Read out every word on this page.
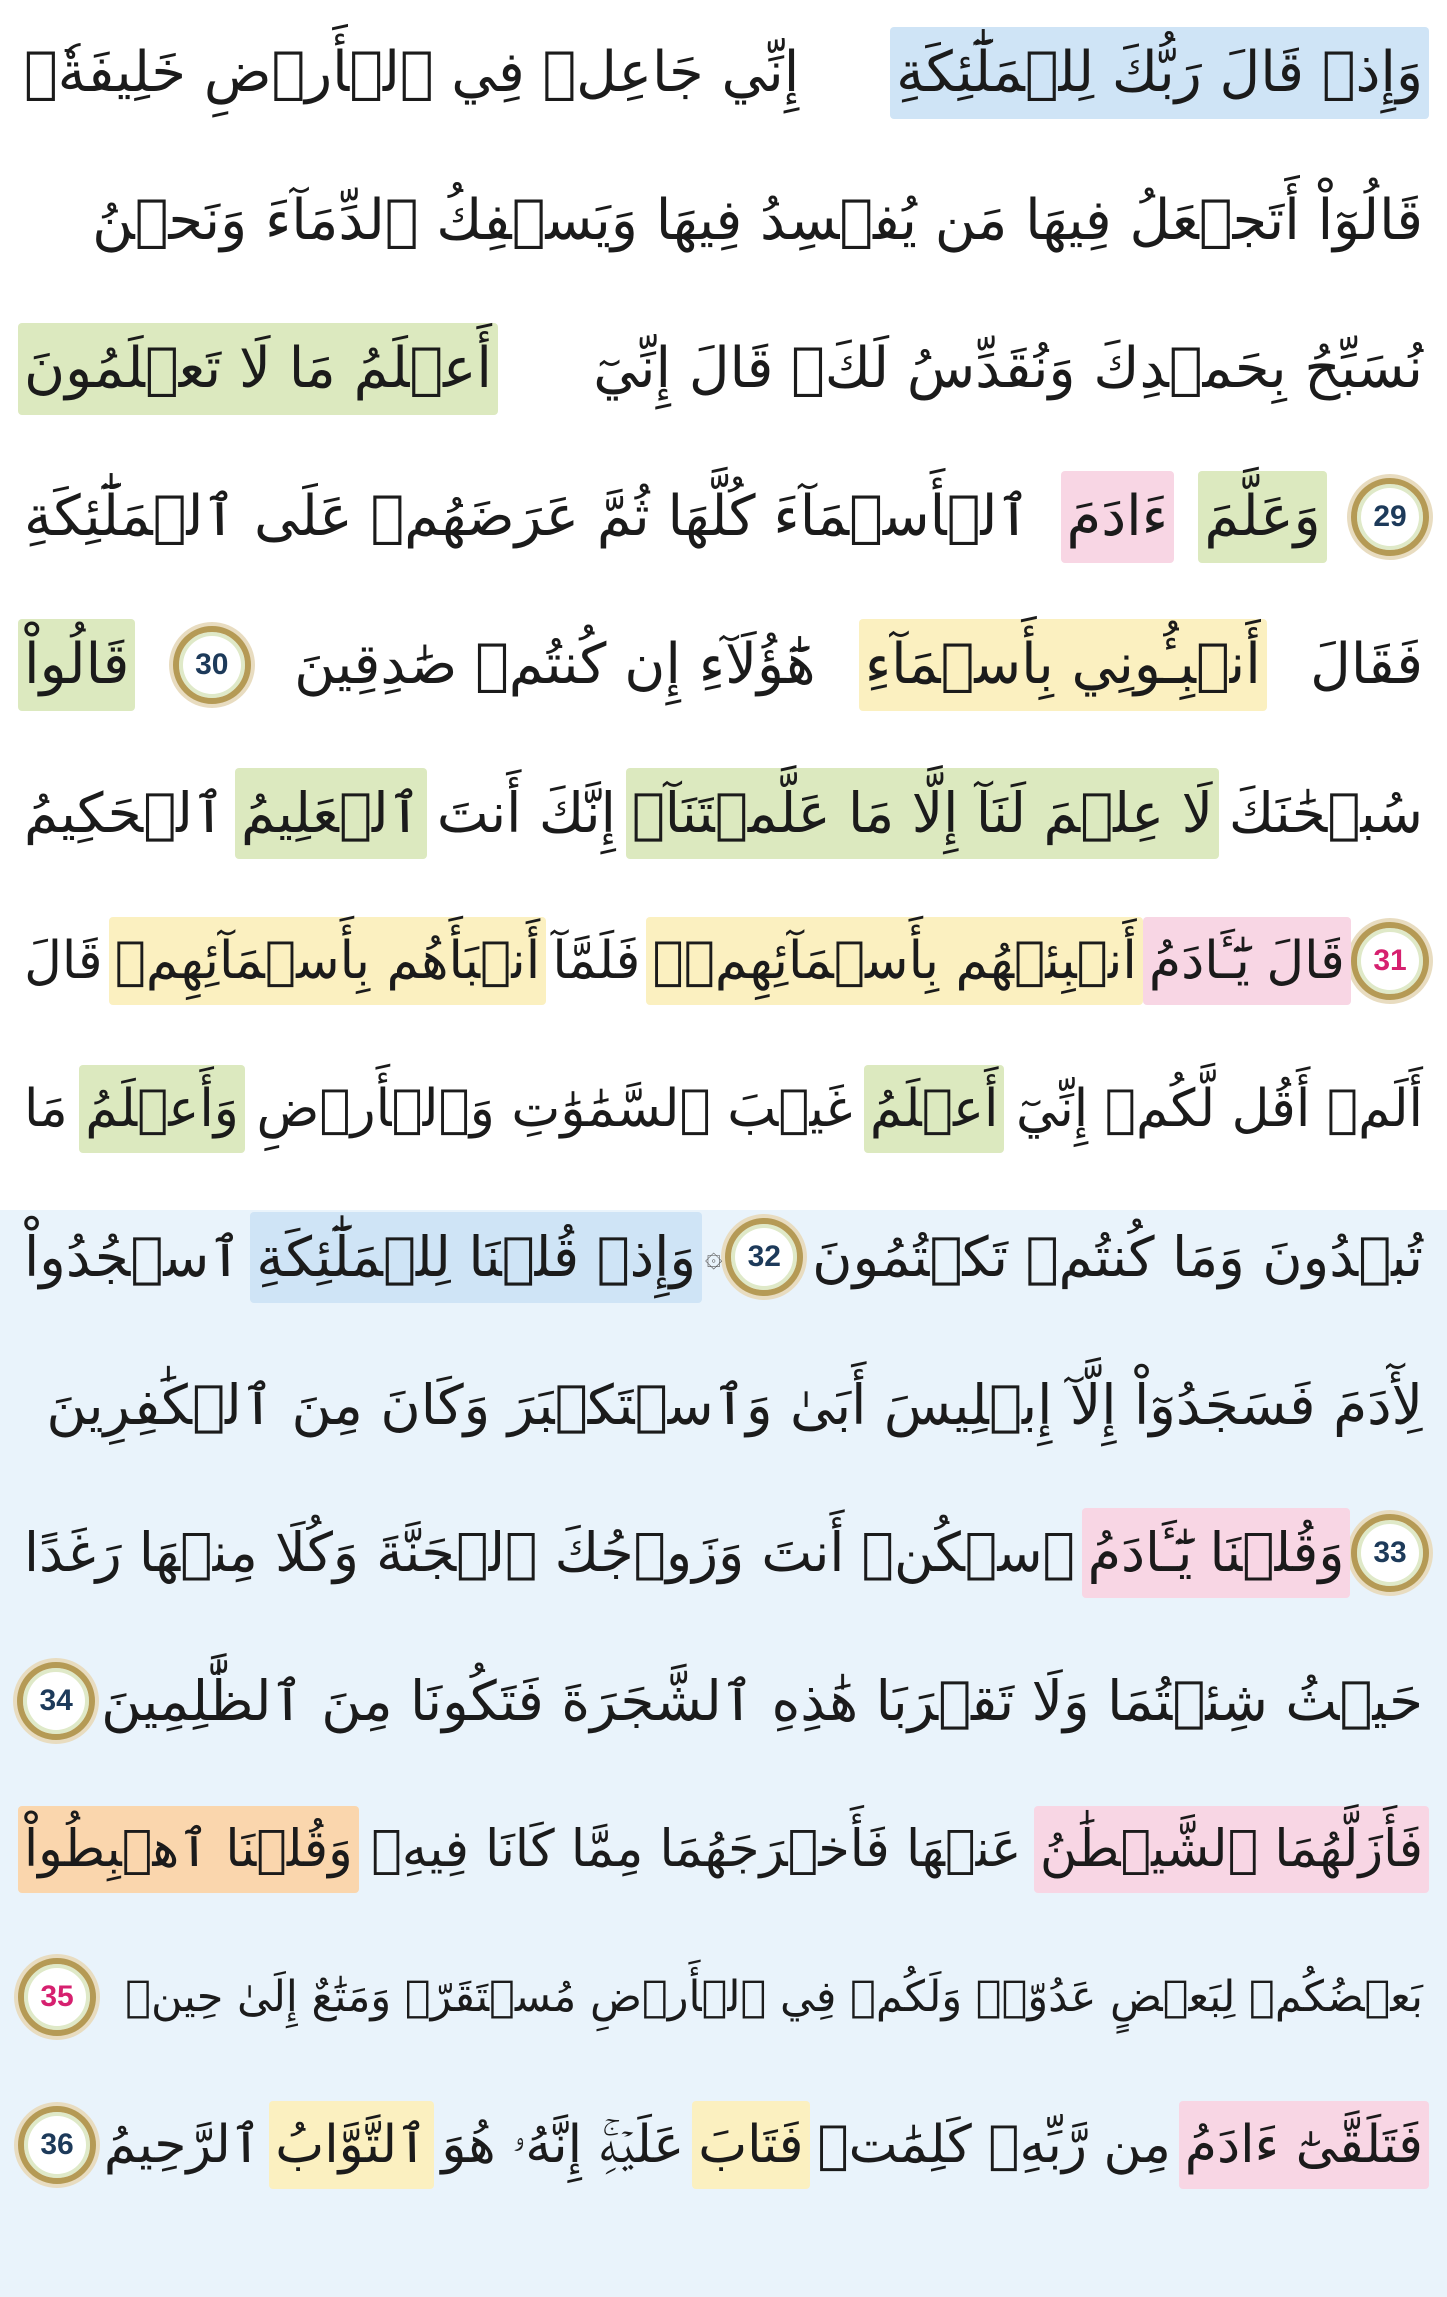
وَإِذۡ قَالَ رَبُّكَ لِلۡمَلَٰٓئِكَةِ
إِنِّي جَاعِلٞ فِي ٱلۡأَرۡضِ خَلِيفَةٗۖ
قَالُوٓاْ أَتَجۡعَلُ فِيهَا مَن يُفۡسِدُ فِيهَا وَيَسۡفِكُ ٱلدِّمَآءَ وَنَحۡنُ
نُسَبِّحُ بِحَمۡدِكَ وَنُقَدِّسُ لَكَۖ قَالَ إِنِّيٓ
أَعۡلَمُ مَا لَا تَعۡلَمُونَ
29
وَعَلَّمَ
ءَادَمَ
ٱلۡأَسۡمَآءَ كُلَّهَا ثُمَّ عَرَضَهُمۡ عَلَى ٱلۡمَلَٰٓئِكَةِ
فَقَالَ
أَنۢبِـُٔونِي بِأَسۡمَآءِ
هَٰٓؤُلَآءِ إِن كُنتُمۡ صَٰدِقِينَ
30
قَالُواْ
سُبۡحَٰنَكَ
لَا عِلۡمَ لَنَآ إِلَّا مَا عَلَّمۡتَنَآۖ
إِنَّكَ أَنتَ
ٱلۡعَلِيمُ
ٱلۡحَكِيمُ
31
قَالَ يَٰٓـَٔادَمُ
أَنۢبِئۡهُم بِأَسۡمَآئِهِمۡۖ
فَلَمَّآ
أَنۢبَأَهُم بِأَسۡمَآئِهِمۡ
قَالَ
أَلَمۡ أَقُل لَّكُمۡ إِنِّيٓ
أَعۡلَمُ
غَيۡبَ ٱلسَّمَٰوَٰتِ وَٱلۡأَرۡضِ
وَأَعۡلَمُ
مَا
تُبۡدُونَ وَمَا كُنتُمۡ تَكۡتُمُونَ
32
۞
وَإِذۡ قُلۡنَا لِلۡمَلَٰٓئِكَةِ
ٱسۡجُدُواْ
لِأٓدَمَ فَسَجَدُوٓاْ إِلَّآ إِبۡلِيسَ أَبَىٰ وَٱسۡتَكۡبَرَ وَكَانَ مِنَ ٱلۡكَٰفِرِينَ
33
وَقُلۡنَا يَٰٓـَٔادَمُ
ٱسۡكُنۡ أَنتَ وَزَوۡجُكَ ٱلۡجَنَّةَ وَكُلَا مِنۡهَا رَغَدًا
حَيۡثُ شِئۡتُمَا وَلَا تَقۡرَبَا هَٰذِهِ ٱلشَّجَرَةَ فَتَكُونَا مِنَ ٱلظَّٰلِمِينَ
34
فَأَزَلَّهُمَا ٱلشَّيۡطَٰنُ
عَنۡهَا فَأَخۡرَجَهُمَا مِمَّا كَانَا فِيهِۖ
وَقُلۡنَا ٱهۡبِطُواْ
بَعۡضُكُمۡ لِبَعۡضٍ عَدُوّٞۖ وَلَكُمۡ فِي ٱلۡأَرۡضِ مُسۡتَقَرّٞ وَمَتَٰعٌ إِلَىٰ حِينٖ
35
فَتَلَقَّىٰٓ ءَادَمُ
مِن رَّبِّهِۦ كَلِمَٰتٖ
فَتَابَ
عَلَيۡهِۚ إِنَّهُۥ هُوَ
ٱلتَّوَّابُ
ٱلرَّحِيمُ
36
